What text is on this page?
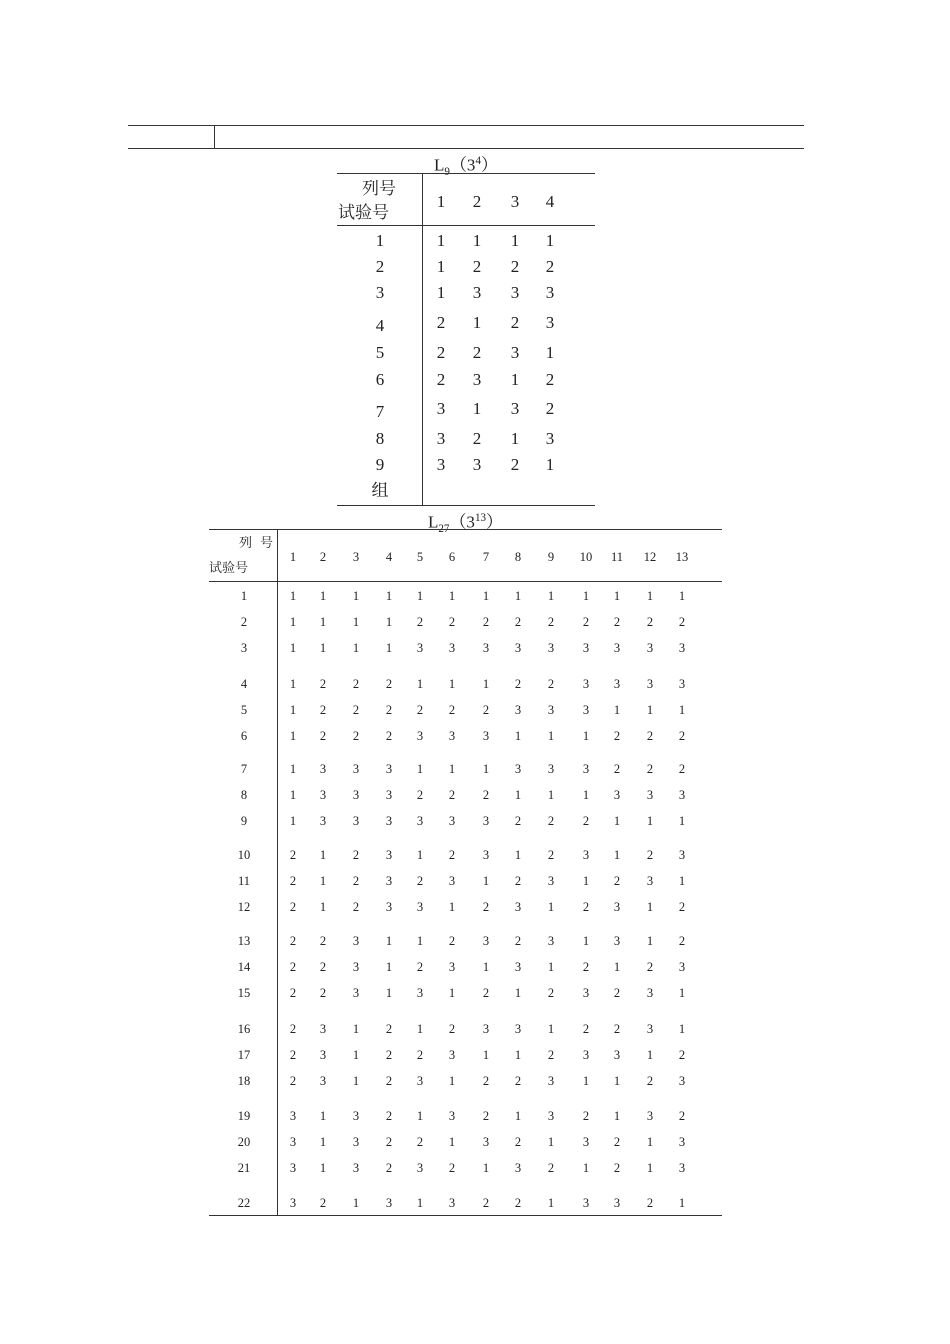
$L_9(3^4)$
列号
试验号
1	2	3	4
1	1	1	1	1
2	1	2	2	2
3	1	3	3	3
4	2	1	2	3
5	2	2	3	1
6	2	3	1	2
7	3	1	3	2
8	3	2	1	3
9	3	3	2	1
组
$L_{27}(3^{13})$
列号
试验号
1	2	3	4	5	6	7	8	9	10	11	12	13
1	1	1	1	1	1	1	1	1	1	1	1	1	1
2	1	1	1	1	2	2	2	2	2	2	2	2	2
3	1	1	1	1	3	3	3	3	3	3	3	3	3
4	1	2	2	2	1	1	1	2	2	3	3	3	3
5	1	2	2	2	2	2	2	3	3	3	1	1	1
6	1	2	2	2	3	3	3	1	1	1	2	2	2
7	1	3	3	3	1	1	1	3	3	3	2	2	2
8	1	3	3	3	2	2	2	1	1	1	3	3	3
9	1	3	3	3	3	3	3	2	2	2	1	1	1
10	2	1	2	3	1	2	3	1	2	3	1	2	3
11	2	1	2	3	2	3	1	2	3	1	2	3	1
12	2	1	2	3	3	1	2	3	1	2	3	1	2
13	2	2	3	1	1	2	3	2	3	1	3	1	2
14	2	2	3	1	2	3	1	3	1	2	1	2	3
15	2	2	3	1	3	1	2	1	2	3	2	3	1
16	2	3	1	2	1	2	3	3	1	2	2	3	1
17	2	3	1	2	2	3	1	1	2	3	3	1	2
18	2	3	1	2	3	1	2	2	3	1	1	2	3
19	3	1	3	2	1	3	2	1	3	2	1	3	2
20	3	1	3	2	2	1	3	2	1	3	2	1	3
21	3	1	3	2	3	2	1	3	2	1	2	1	3
22	3	2	1	3	1	3	2	2	1	3	3	2	1
